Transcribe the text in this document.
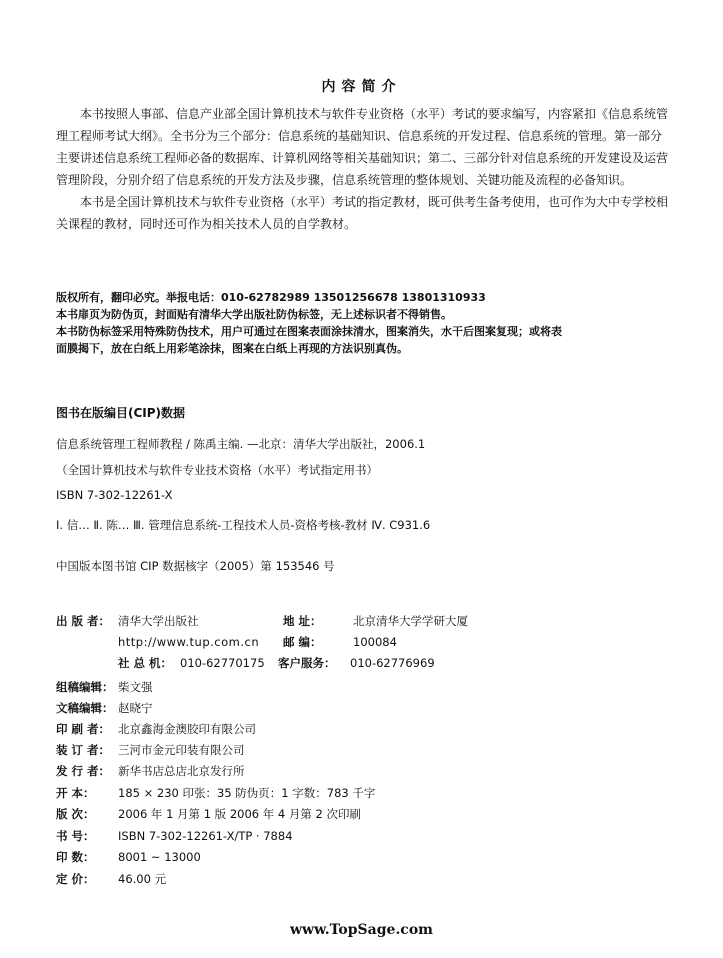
内容简介

本书按照人事部、信息产业部全国计算机技术与软件专业资格（水平）考试的要求编写，内容紧扣《信息系统管理工程师考试大纲》。全书分为三个部分：信息系统的基础知识、信息系统的开发过程、信息系统的管理。第一部分主要讲述信息系统工程师必备的数据库、计算机网络等相关基础知识；第二、三部分针对信息系统的开发建设及运营管理阶段，分别介绍了信息系统的开发方法及步骤，信息系统管理的整体规划、关键功能及流程的必备知识。

本书是全国计算机技术与软件专业资格（水平）考试的指定教材，既可供考生备考使用，也可作为大中专学校相关课程的教材，同时还可作为相关技术人员的自学教材。

版权所有，翻印必究。举报电话：010-62782989 13501256678 13801310933
本书扉页为防伪页，封面贴有清华大学出版社防伪标签，无上述标识者不得销售。
本书防伪标签采用特殊防伪技术，用户可通过在图案表面涂抹清水，图案消失，水干后图案复现；或将表
面膜揭下，放在白纸上用彩笔涂抹，图案在白纸上再现的方法识别真伪。
图书在版编目(CIP)数据
信息系统管理工程师教程 / 陈禹主编. —北京：清华大学出版社，2006.1
（全国计算机技术与软件专业技术资格（水平）考试指定用书）
ISBN 7-302-12261-X
Ⅰ. 信… Ⅱ. 陈… Ⅲ. 管理信息系统-工程技术人员-资格考核-教材 Ⅳ. C931.6
中国版本图书馆 CIP 数据核字（2005）第 153546 号
出 版 者： 清华大学出版社	地 址：	北京清华大学学研大厦
http://www.tup.com.cn 邮 编：	100084
社 总 机： 010-62770175 客户服务： 010-62776969
组稿编辑： 柴文强
文稿编辑： 赵晓宁
印 刷 者： 北京鑫海金澳胶印有限公司
装 订 者： 三河市金元印装有限公司
发 行 者： 新华书店总店北京发行所
开 本： 185 × 230 印张：35 防伪页：1 字数：783 千字
版 次： 2006 年 1 月第 1 版 2006 年 4 月第 2 次印刷
书 号： ISBN 7-302-12261-X/TP · 7884
印 数： 8001 ~ 13000
定 价： 46.00 元
www.TopSage.com
